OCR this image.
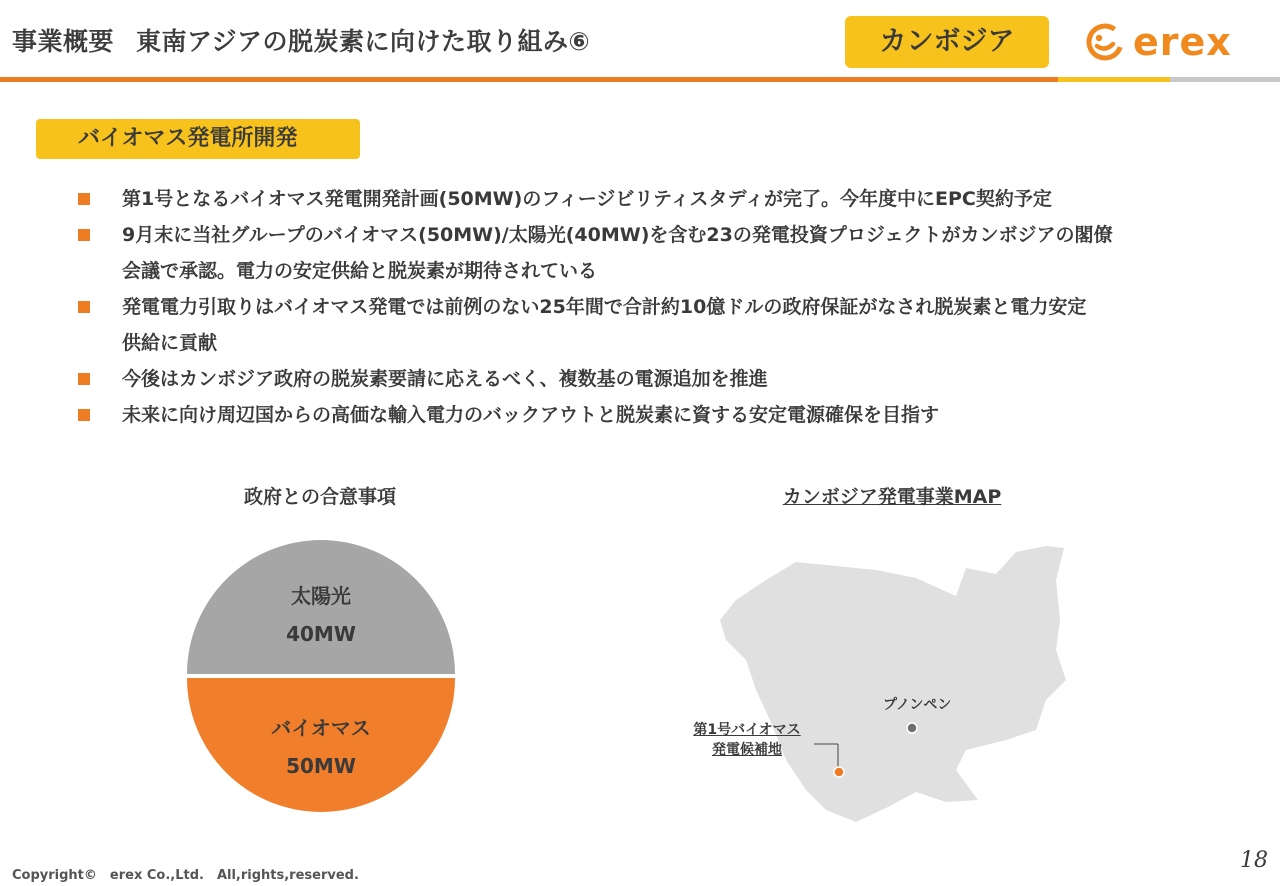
事業概要 東南アジアの脱炭素に向けた取り組み⑥	カンボジア	erex
バイオマス発電所開発
第1号となるバイオマス発電開発計画(50MW)のフィージビリティスタディが完了。今年度中にEPC契約予定
9月末に当社グループのバイオマス(50MW)/太陽光(40MW)を含む23の発電投資プロジェクトがカンボジアの閣僚
会議で承認。電力の安定供給と脱炭素が期待されている
発電電力引取りはバイオマス発電では前例のない25年間で合計約10億ドルの政府保証がなされ脱炭素と電力安定
供給に貢献
今後はカンボジア政府の脱炭素要請に応えるべく、複数基の電源追加を推進
未来に向け周辺国からの高価な輸入電力のバックアウトと脱炭素に資する安定電源確保を目指す
政府との合意事項
太陽光
40MW
バイオマス
50MW
カンボジア発電事業MAP
プノンペン
第1号バイオマス
発電候補地
Copyright©　erex Co.,Ltd.　All,rights,reserved.
18
